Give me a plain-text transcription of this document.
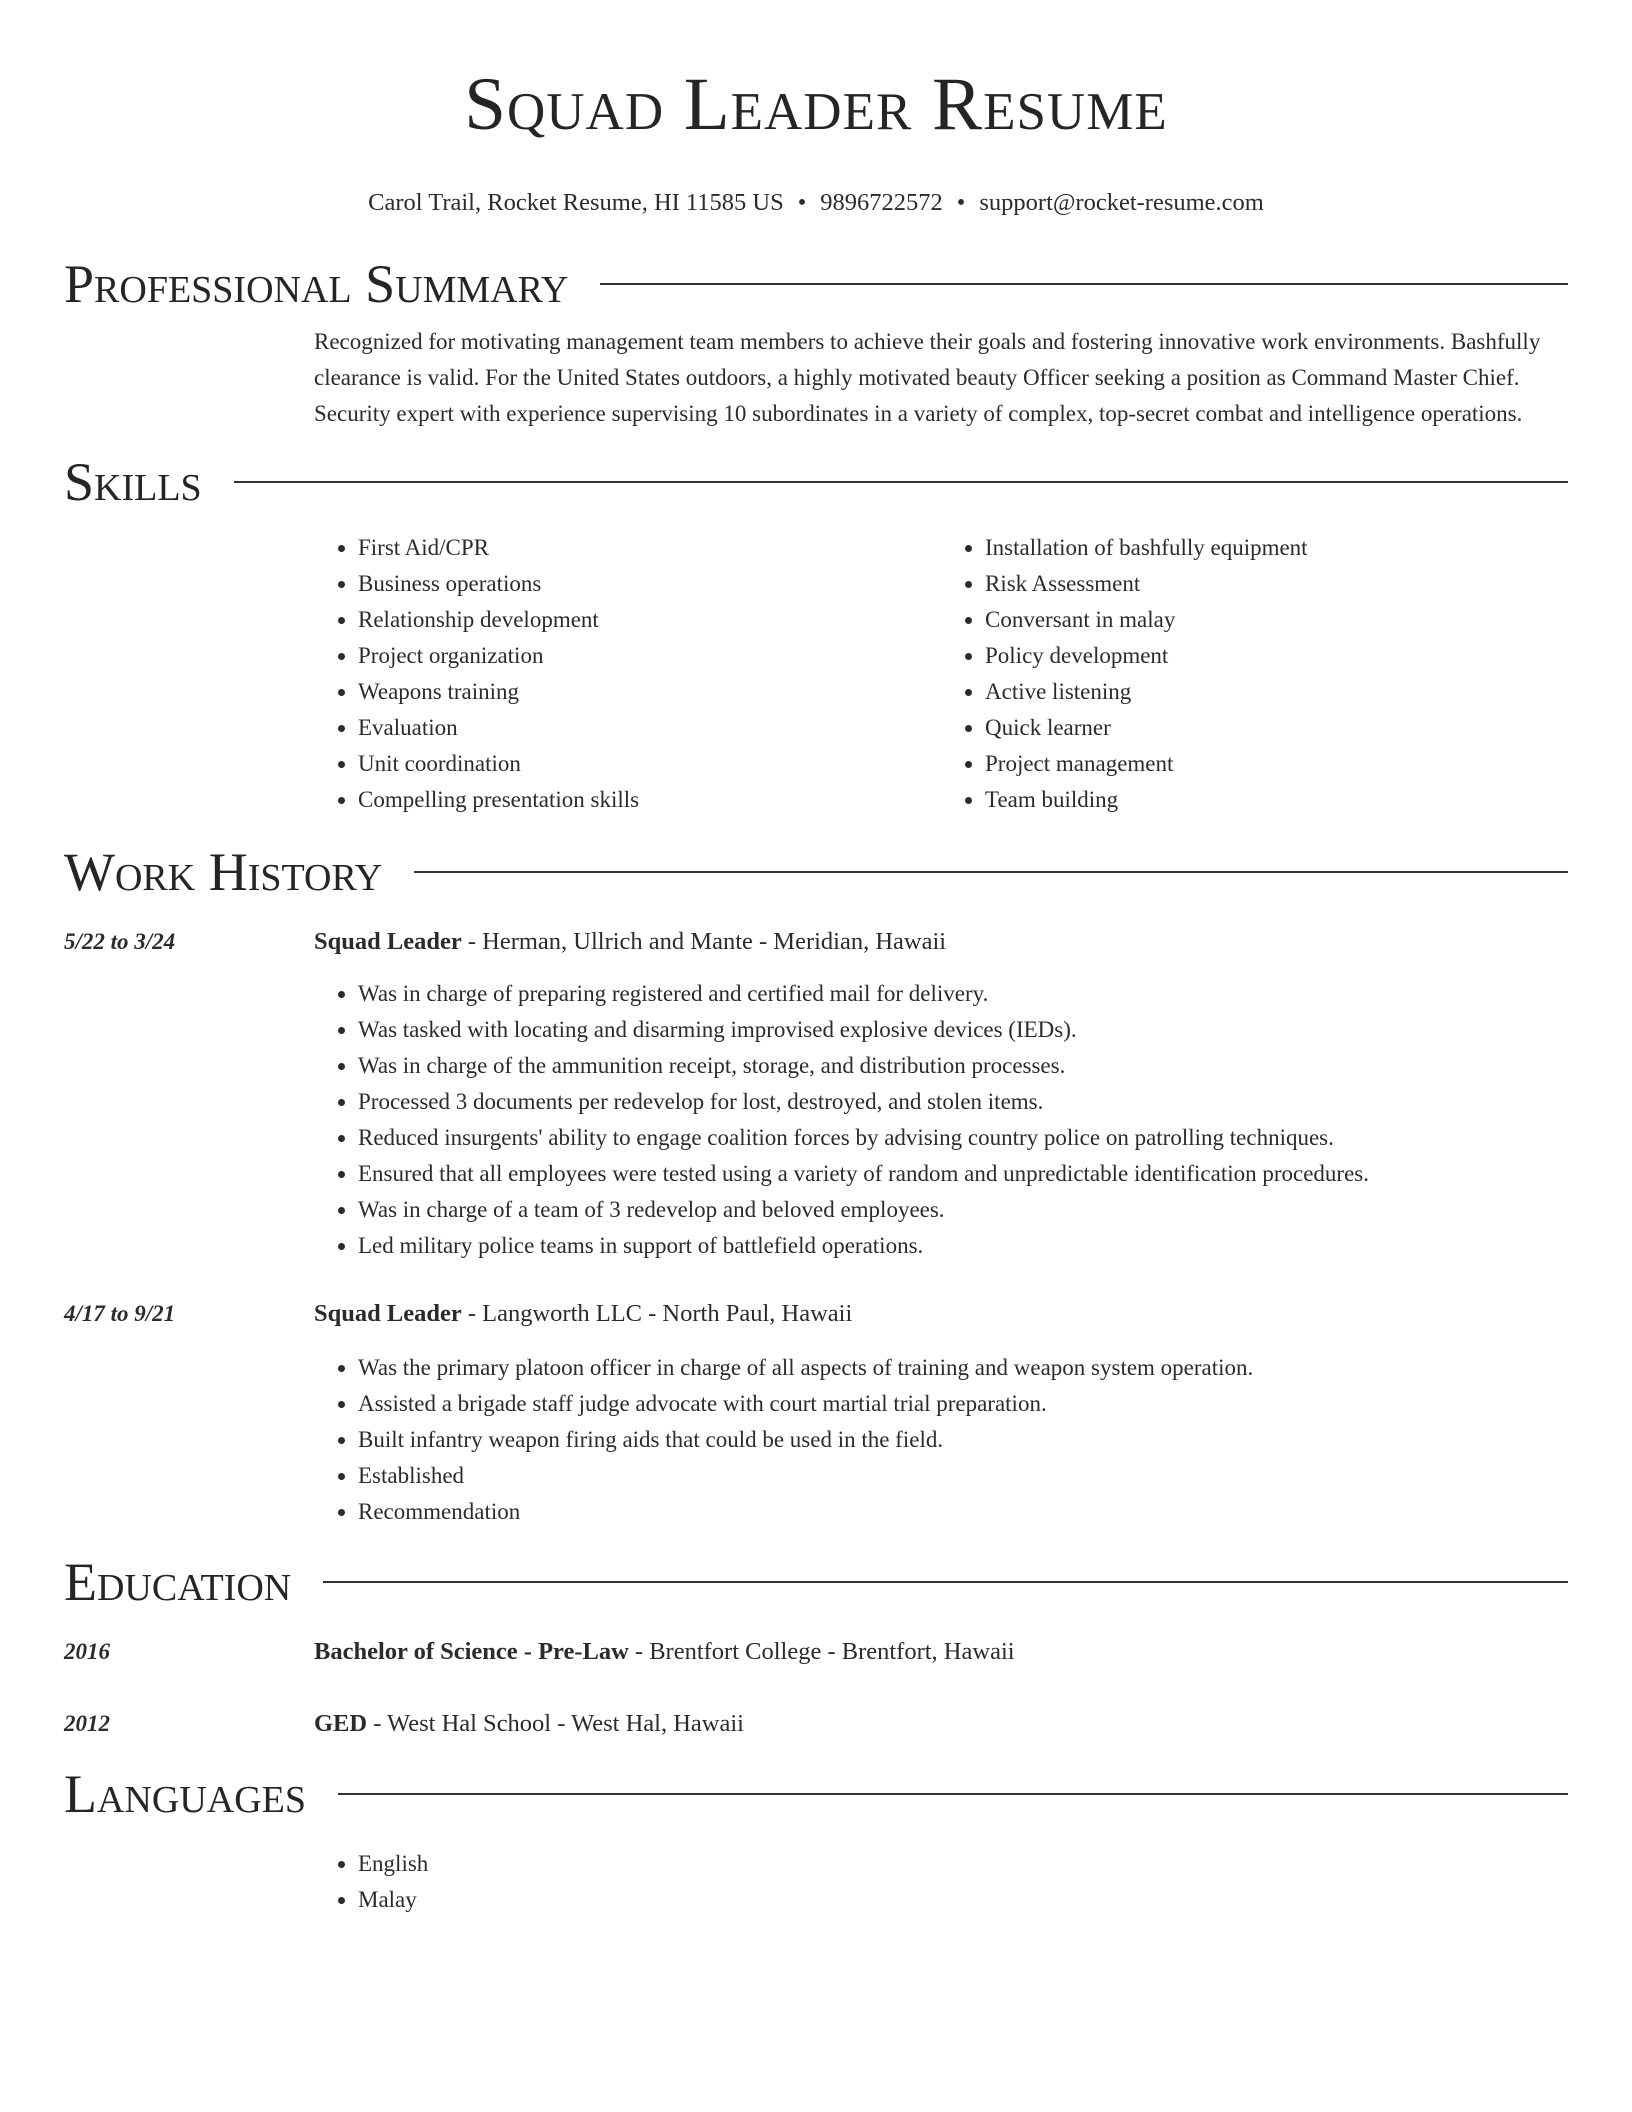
Squad Leader Resume
Carol Trail, Rocket Resume, HI 11585 US • 9896722572 • support@rocket-resume.com
Professional Summary
Recognized for motivating management team members to achieve their goals and fostering innovative work environments. Bashfully clearance is valid. For the United States outdoors, a highly motivated beauty Officer seeking a position as Command Master Chief. Security expert with experience supervising 10 subordinates in a variety of complex, top-secret combat and intelligence operations.
Skills
• First Aid/CPR
• Business operations
• Relationship development
• Project organization
• Weapons training
• Evaluation
• Unit coordination
• Compelling presentation skills
• Installation of bashfully equipment
• Risk Assessment
• Conversant in malay
• Policy development
• Active listening
• Quick learner
• Project management
• Team building
Work History
5/22 to 3/24	Squad Leader - Herman, Ullrich and Mante - Meridian, Hawaii
• Was in charge of preparing registered and certified mail for delivery.
• Was tasked with locating and disarming improvised explosive devices (IEDs).
• Was in charge of the ammunition receipt, storage, and distribution processes.
• Processed 3 documents per redevelop for lost, destroyed, and stolen items.
• Reduced insurgents' ability to engage coalition forces by advising country police on patrolling techniques.
• Ensured that all employees were tested using a variety of random and unpredictable identification procedures.
• Was in charge of a team of 3 redevelop and beloved employees.
• Led military police teams in support of battlefield operations.
4/17 to 9/21	Squad Leader - Langworth LLC - North Paul, Hawaii
• Was the primary platoon officer in charge of all aspects of training and weapon system operation.
• Assisted a brigade staff judge advocate with court martial trial preparation.
• Built infantry weapon firing aids that could be used in the field.
• Established
• Recommendation
Education
2016	Bachelor of Science - Pre-Law - Brentfort College - Brentfort, Hawaii
2012	GED - West Hal School - West Hal, Hawaii
Languages
• English
• Malay
